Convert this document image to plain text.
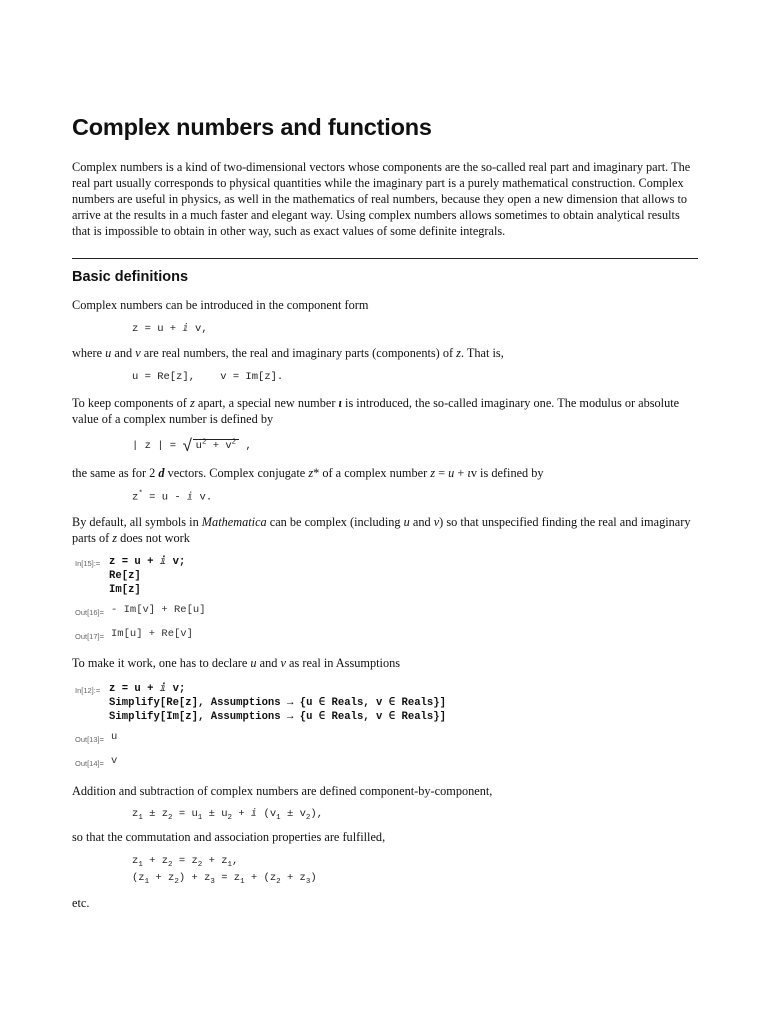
Complex numbers and functions

Complex numbers is a kind of two-dimensional vectors whose components are the so-called real part and imaginary part. The real part usually corresponds to physical quantities while the imaginary part is a purely mathematical construction. Complex numbers are useful in physics, as well in the mathematics of real numbers, because they open a new dimension that allows to arrive at the results in a much faster and elegant way. Using complex numbers allows sometimes to obtain analytical results that is impossible to obtain in other way, such as exact values of some definite integrals.

Basic definitions

Complex numbers can be introduced in the component form

z = u + ⅈ v,

where u and v are real numbers, the real and imaginary parts (components) of z. That is,

u = Re[z],    v = Im[z].

To keep components of z apart, a special new number ι is introduced, the so-called imaginary one. The modulus or absolute value of a complex number is defined by

| z | = √ $u^2 + v^2$ ,

the same as for 2 d vectors. Complex conjugate z* of a complex number z = u + ιv is defined by

z* = u - ⅈ v.

By default, all symbols in Mathematica can be complex (including u and v) so that unspecified finding the real and imaginary parts of z does not work

In[15]:= z = u + ⅈ v;
Re[z]
Im[z]
Out[16]= - Im[v] + Re[u]
Out[17]= Im[u] + Re[v]

To make it work, one has to declare u and v as real in Assumptions

In[12]:= z = u + ⅈ v;
Simplify[Re[z], Assumptions → {u ∈ Reals, v ∈ Reals}]
Simplify[Im[z], Assumptions → {u ∈ Reals, v ∈ Reals}]
Out[13]= u
Out[14]= v

Addition and subtraction of complex numbers are defined component-by-component,

$z_1 \pm z_2 = u_1 \pm u_2$ + ⅈ $(v_1 \pm v_2)$,

so that the commutation and association properties are fulfilled,

$z_1 + z_2 = z_2 + z_1$,
$(z_1 + z_2) + z_3 = z_1 + (z_2 + z_3)$

etc.
